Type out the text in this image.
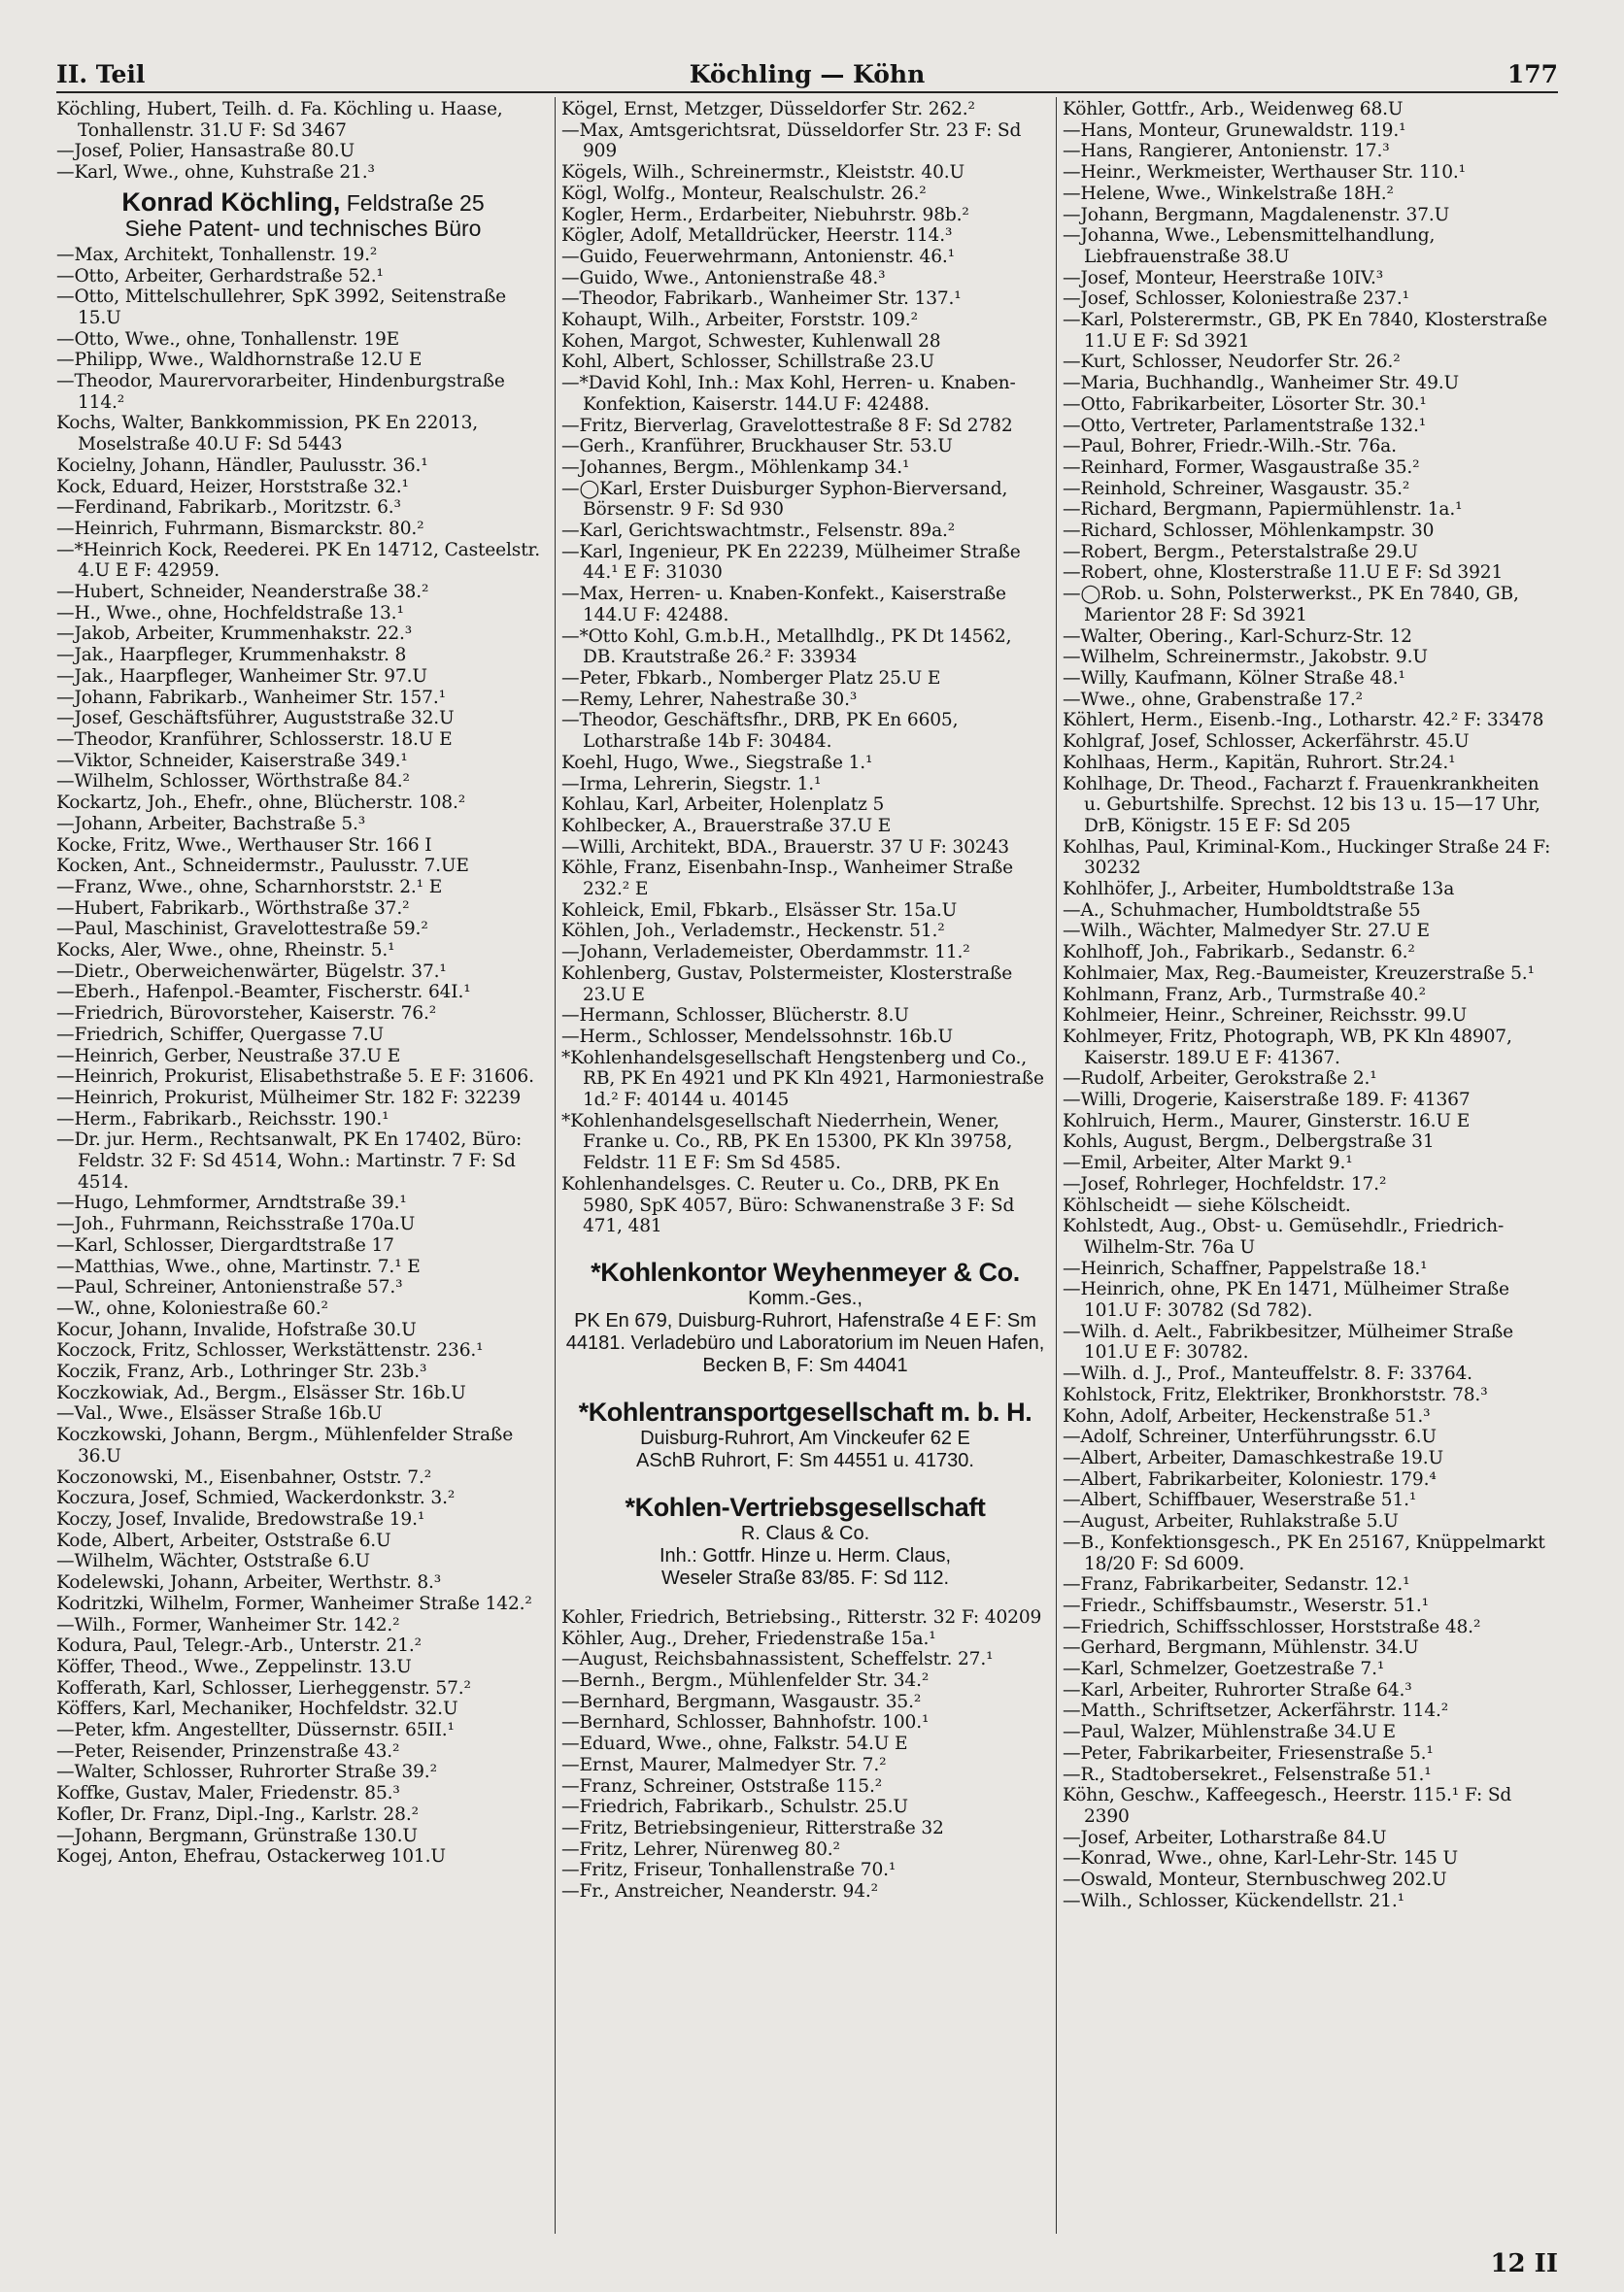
II. Teil	Köchling — Köhn	177
Köchling, Hubert, Teilh. d. Fa. Köchling u. Haase, Tonhallenstr. 31.U F: Sd 3467
—Josef, Polier, Hansastraße 80.U
—Karl, Wwe., ohne, Kuhstraße 21.³
Konrad Köchling, Feldstraße 25
Siehe Patent- und technisches Büro
—Max, Architekt, Tonhallenstr. 19.²
—Otto, Arbeiter, Gerhardstraße 52.¹
—Otto, Mittelschullehrer, SpK 3992, Seitenstraße 15.U
—Otto, Wwe., ohne, Tonhallenstr. 19E
—Philipp, Wwe., Waldhornstraße 12.U E
—Theodor, Maurervorarbeiter, Hindenburgstraße 114.²
Kochs, Walter, Bankkommission, PK En 22013, Moselstraße 40.U F: Sd 5443
Kocielny, Johann, Händler, Paulusstr. 36.¹
Kock, Eduard, Heizer, Horststraße 32.¹
—Ferdinand, Fabrikarb., Moritzstr. 6.³
—Heinrich, Fuhrmann, Bismarckstr. 80.²
—*Heinrich Kock, Reederei. PK En 14712, Casteelstr. 4.U E F: 42959.
—Hubert, Schneider, Neanderstraße 38.²
—H., Wwe., ohne, Hochfeldstraße 13.¹
—Jakob, Arbeiter, Krummenhakstr. 22.³
—Jak., Haarpfleger, Krummenhakstr. 8
—Jak., Haarpfleger, Wanheimer Str. 97.U
—Johann, Fabrikarb., Wanheimer Str. 157.¹
—Josef, Geschäftsführer, Auguststraße 32.U
—Theodor, Kranführer, Schlosserstr. 18.U E
—Viktor, Schneider, Kaiserstraße 349.¹
—Wilhelm, Schlosser, Wörthstraße 84.²
Kockartz, Joh., Ehefr., ohne, Blücherstr. 108.²
—Johann, Arbeiter, Bachstraße 5.³
Kocke, Fritz, Wwe., Werthauser Str. 166 I
Kocken, Ant., Schneidermstr., Paulusstr. 7.UE
—Franz, Wwe., ohne, Scharnhorststr. 2.¹ E
—Hubert, Fabrikarb., Wörthstraße 37.²
—Paul, Maschinist, Gravelottestraße 59.²
Kocks, Aler, Wwe., ohne, Rheinstr. 5.¹
—Dietr., Oberweichenwärter, Bügelstr. 37.¹
—Eberh., Hafenpol.-Beamter, Fischerstr. 64I.¹
—Friedrich, Bürovorsteher, Kaiserstr. 76.²
—Friedrich, Schiffer, Quergasse 7.U
—Heinrich, Gerber, Neustraße 37.U E
—Heinrich, Prokurist, Elisabethstraße 5. E F: 31606.
—Heinrich, Prokurist, Mülheimer Str. 182 F: 32239
—Herm., Fabrikarb., Reichsstr. 190.¹
—Dr. jur. Herm., Rechtsanwalt, PK En 17402, Büro: Feldstr. 32 F: Sd 4514, Wohn.: Martinstr. 7 F: Sd 4514.
—Hugo, Lehmformer, Arndtstraße 39.¹
—Joh., Fuhrmann, Reichsstraße 170a.U
—Karl, Schlosser, Diergardtstraße 17
—Matthias, Wwe., ohne, Martinstr. 7.¹ E
—Paul, Schreiner, Antonienstraße 57.³
—W., ohne, Koloniestraße 60.²
Kocur, Johann, Invalide, Hofstraße 30.U
Koczock, Fritz, Schlosser, Werkstättenstr. 236.¹
Koczik, Franz, Arb., Lothringer Str. 23b.³
Koczkowiak, Ad., Bergm., Elsässer Str. 16b.U
—Val., Wwe., Elsässer Straße 16b.U
Koczkowski, Johann, Bergm., Mühlenfelder Straße 36.U
Koczonowski, M., Eisenbahner, Oststr. 7.²
Koczura, Josef, Schmied, Wackerdonkstr. 3.²
Koczy, Josef, Invalide, Bredowstraße 19.¹
Kode, Albert, Arbeiter, Oststraße 6.U
—Wilhelm, Wächter, Oststraße 6.U
Kodelewski, Johann, Arbeiter, Werthstr. 8.³
Kodritzki, Wilhelm, Former, Wanheimer Straße 142.²
—Wilh., Former, Wanheimer Str. 142.²
Kodura, Paul, Telegr.-Arb., Unterstr. 21.²
Köffer, Theod., Wwe., Zeppelinstr. 13.U
Kofferath, Karl, Schlosser, Lierheggenstr. 57.²
Köffers, Karl, Mechaniker, Hochfeldstr. 32.U
—Peter, kfm. Angestellter, Düssernstr. 65II.¹
—Peter, Reisender, Prinzenstraße 43.²
—Walter, Schlosser, Ruhrorter Straße 39.²
Koffke, Gustav, Maler, Friedenstr. 85.³
Kofler, Dr. Franz, Dipl.-Ing., Karlstr. 28.²
—Johann, Bergmann, Grünstraße 130.U
Kogej, Anton, Ehefrau, Ostackerweg 101.U
Kögel, Ernst, Metzger, Düsseldorfer Str. 262.²
—Max, Amtsgerichtsrat, Düsseldorfer Str. 23 F: Sd 909
Kögels, Wilh., Schreinermstr., Kleiststr. 40.U
Kögl, Wolfg., Monteur, Realschulstr. 26.²
Kogler, Herm., Erdarbeiter, Niebuhrstr. 98b.²
Kögler, Adolf, Metalldrücker, Heerstr. 114.³
—Guido, Feuerwehrmann, Antonienstr. 46.¹
—Guido, Wwe., Antonienstraße 48.³
—Theodor, Fabrikarb., Wanheimer Str. 137.¹
Kohaupt, Wilh., Arbeiter, Forststr. 109.²
Kohen, Margot, Schwester, Kuhlenwall 28
Kohl, Albert, Schlosser, Schillstraße 23.U
—*David Kohl, Inh.: Max Kohl, Herren- u. Knaben-Konfektion, Kaiserstr. 144.U F: 42488.
—Fritz, Bierverlag, Gravelottestraße 8 F: Sd 2782
—Gerh., Kranführer, Bruckhauser Str. 53.U
—Johannes, Bergm., Möhlenkamp 34.¹
—◯Karl, Erster Duisburger Syphon-Bierversand, Börsenstr. 9 F: Sd 930
—Karl, Gerichtswachtmstr., Felsenstr. 89a.²
—Karl, Ingenieur, PK En 22239, Mülheimer Straße 44.¹ E F: 31030
—Max, Herren- u. Knaben-Konfekt., Kaiserstraße 144.U F: 42488.
—*Otto Kohl, G.m.b.H., Metallhdlg., PK Dt 14562, DB. Krautstraße 26.² F: 33934
—Peter, Fbkarb., Nomberger Platz 25.U E
—Remy, Lehrer, Nahestraße 30.³
—Theodor, Geschäftsfhr., DRB, PK En 6605, Lotharstraße 14b F: 30484.
Koehl, Hugo, Wwe., Siegstraße 1.¹
—Irma, Lehrerin, Siegstr. 1.¹
Kohlau, Karl, Arbeiter, Holenplatz 5
Kohlbecker, A., Brauerstraße 37.U E
—Willi, Architekt, BDA., Brauerstr. 37 U F: 30243
Köhle, Franz, Eisenbahn-Insp., Wanheimer Straße 232.² E
Kohleick, Emil, Fbkarb., Elsässer Str. 15a.U
Köhlen, Joh., Verlademstr., Heckenstr. 51.²
—Johann, Verlademeister, Oberdammstr. 11.²
Kohlenberg, Gustav, Polstermeister, Klosterstraße 23.U E
—Hermann, Schlosser, Blücherstr. 8.U
—Herm., Schlosser, Mendelssohnstr. 16b.U
*Kohlenhandelsgesellschaft Hengstenberg und Co., RB, PK En 4921 und PK Kln 4921, Harmoniestraße 1d.² F: 40144 u. 40145
*Kohlenhandelsgesellschaft Niederrhein, Wener, Franke u. Co., RB, PK En 15300, PK Kln 39758, Feldstr. 11 E F: Sm Sd 4585.
Kohlenhandelsges. C. Reuter u. Co., DRB, PK En 5980, SpK 4057, Büro: Schwanenstraße 3 F: Sd 471, 481
*Kohlenkontor Weyhenmeyer & Co.
Komm.-Ges.,
PK En 679, Duisburg-Ruhrort, Hafenstraße 4 E F: Sm 44181. Verladebüro und Laboratorium im Neuen Hafen, Becken B, F: Sm 44041
*Kohlentransportgesellschaft m. b. H.
Duisburg-Ruhrort, Am Vinckeufer 62 E
ASchB Ruhrort, F: Sm 44551 u. 41730.
*Kohlen-Vertriebsgesellschaft
R. Claus & Co.
Inh.: Gottfr. Hinze u. Herm. Claus,
Weseler Straße 83/85. F: Sd 112.
Kohler, Friedrich, Betriebsing., Ritterstr. 32 F: 40209
Köhler, Aug., Dreher, Friedenstraße 15a.¹
—August, Reichsbahnassistent, Scheffelstr. 27.¹
—Bernh., Bergm., Mühlenfelder Str. 34.²
—Bernhard, Bergmann, Wasgaustr. 35.²
—Bernhard, Schlosser, Bahnhofstr. 100.¹
—Eduard, Wwe., ohne, Falkstr. 54.U E
—Ernst, Maurer, Malmedyer Str. 7.²
—Franz, Schreiner, Oststraße 115.²
—Friedrich, Fabrikarb., Schulstr. 25.U
—Fritz, Betriebsingenieur, Ritterstraße 32
—Fritz, Lehrer, Nürenweg 80.²
—Fritz, Friseur, Tonhallenstraße 70.¹
—Fr., Anstreicher, Neanderstr. 94.²
Köhler, Gottfr., Arb., Weidenweg 68.U
—Hans, Monteur, Grunewaldstr. 119.¹
—Hans, Rangierer, Antonienstr. 17.³
—Heinr., Werkmeister, Werthauser Str. 110.¹
—Helene, Wwe., Winkelstraße 18H.²
—Johann, Bergmann, Magdalenenstr. 37.U
—Johanna, Wwe., Lebensmittelhandlung, Liebfrauenstraße 38.U
—Josef, Monteur, Heerstraße 10IV.³
—Josef, Schlosser, Koloniestraße 237.¹
—Karl, Polsterermstr., GB, PK En 7840, Klosterstraße 11.U E F: Sd 3921
—Kurt, Schlosser, Neudorfer Str. 26.²
—Maria, Buchhandlg., Wanheimer Str. 49.U
—Otto, Fabrikarbeiter, Lösorter Str. 30.¹
—Otto, Vertreter, Parlamentstraße 132.¹
—Paul, Bohrer, Friedr.-Wilh.-Str. 76a.
—Reinhard, Former, Wasgaustraße 35.²
—Reinhold, Schreiner, Wasgaustr. 35.²
—Richard, Bergmann, Papiermühlenstr. 1a.¹
—Richard, Schlosser, Möhlenkampstr. 30
—Robert, Bergm., Peterstalstraße 29.U
—Robert, ohne, Klosterstraße 11.U E F: Sd 3921
—◯Rob. u. Sohn, Polsterwerkst., PK En 7840, GB, Marientor 28 F: Sd 3921
—Walter, Obering., Karl-Schurz-Str. 12
—Wilhelm, Schreinermstr., Jakobstr. 9.U
—Willy, Kaufmann, Kölner Straße 48.¹
—Wwe., ohne, Grabenstraße 17.²
Köhlert, Herm., Eisenb.-Ing., Lotharstr. 42.² F: 33478
Kohlgraf, Josef, Schlosser, Ackerfährstr. 45.U
Kohlhaas, Herm., Kapitän, Ruhrort. Str.24.¹
Kohlhage, Dr. Theod., Facharzt f. Frauenkrankheiten u. Geburtshilfe. Sprechst. 12 bis 13 u. 15—17 Uhr, DrB, Königstr. 15 E F: Sd 205
Kohlhas, Paul, Kriminal-Kom., Huckinger Straße 24 F: 30232
Kohlhöfer, J., Arbeiter, Humboldtstraße 13a
—A., Schuhmacher, Humboldtstraße 55
—Wilh., Wächter, Malmedyer Str. 27.U E
Kohlhoff, Joh., Fabrikarb., Sedanstr. 6.²
Kohlmaier, Max, Reg.-Baumeister, Kreuzerstraße 5.¹
Kohlmann, Franz, Arb., Turmstraße 40.²
Kohlmeier, Heinr., Schreiner, Reichsstr. 99.U
Kohlmeyer, Fritz, Photograph, WB, PK Kln 48907, Kaiserstr. 189.U E F: 41367.
—Rudolf, Arbeiter, Gerokstraße 2.¹
—Willi, Drogerie, Kaiserstraße 189. F: 41367
Kohlruich, Herm., Maurer, Ginsterstr. 16.U E
Kohls, August, Bergm., Delbergstraße 31
—Emil, Arbeiter, Alter Markt 9.¹
—Josef, Rohrleger, Hochfeldstr. 17.²
Köhlscheidt — siehe Kölscheidt.
Kohlstedt, Aug., Obst- u. Gemüsehdlr., Friedrich-Wilhelm-Str. 76a U
—Heinrich, Schaffner, Pappelstraße 18.¹
—Heinrich, ohne, PK En 1471, Mülheimer Straße 101.U F: 30782 (Sd 782).
—Wilh. d. Aelt., Fabrikbesitzer, Mülheimer Straße 101.U E F: 30782.
—Wilh. d. J., Prof., Manteuffelstr. 8. F: 33764.
Kohlstock, Fritz, Elektriker, Bronkhorststr. 78.³
Kohn, Adolf, Arbeiter, Heckenstraße 51.³
—Adolf, Schreiner, Unterführungsstr. 6.U
—Albert, Arbeiter, Damaschkestraße 19.U
—Albert, Fabrikarbeiter, Koloniestr. 179.⁴
—Albert, Schiffbauer, Weserstraße 51.¹
—August, Arbeiter, Ruhlakstraße 5.U
—B., Konfektionsgesch., PK En 25167, Knüppelmarkt 18/20 F: Sd 6009.
—Franz, Fabrikarbeiter, Sedanstr. 12.¹
—Friedr., Schiffsbaumstr., Weserstr. 51.¹
—Friedrich, Schiffsschlosser, Horststraße 48.²
—Gerhard, Bergmann, Mühlenstr. 34.U
—Karl, Schmelzer, Goetzestraße 7.¹
—Karl, Arbeiter, Ruhrorter Straße 64.³
—Matth., Schriftsetzer, Ackerfährstr. 114.²
—Paul, Walzer, Mühlenstraße 34.U E
—Peter, Fabrikarbeiter, Friesenstraße 5.¹
—R., Stadtobersekret., Felsenstraße 51.¹
Köhn, Geschw., Kaffeegesch., Heerstr. 115.¹ F: Sd 2390
—Josef, Arbeiter, Lotharstraße 84.U
—Konrad, Wwe., ohne, Karl-Lehr-Str. 145 U
—Oswald, Monteur, Sternbuschweg 202.U
—Wilh., Schlosser, Kückendellstr. 21.¹
12 II
